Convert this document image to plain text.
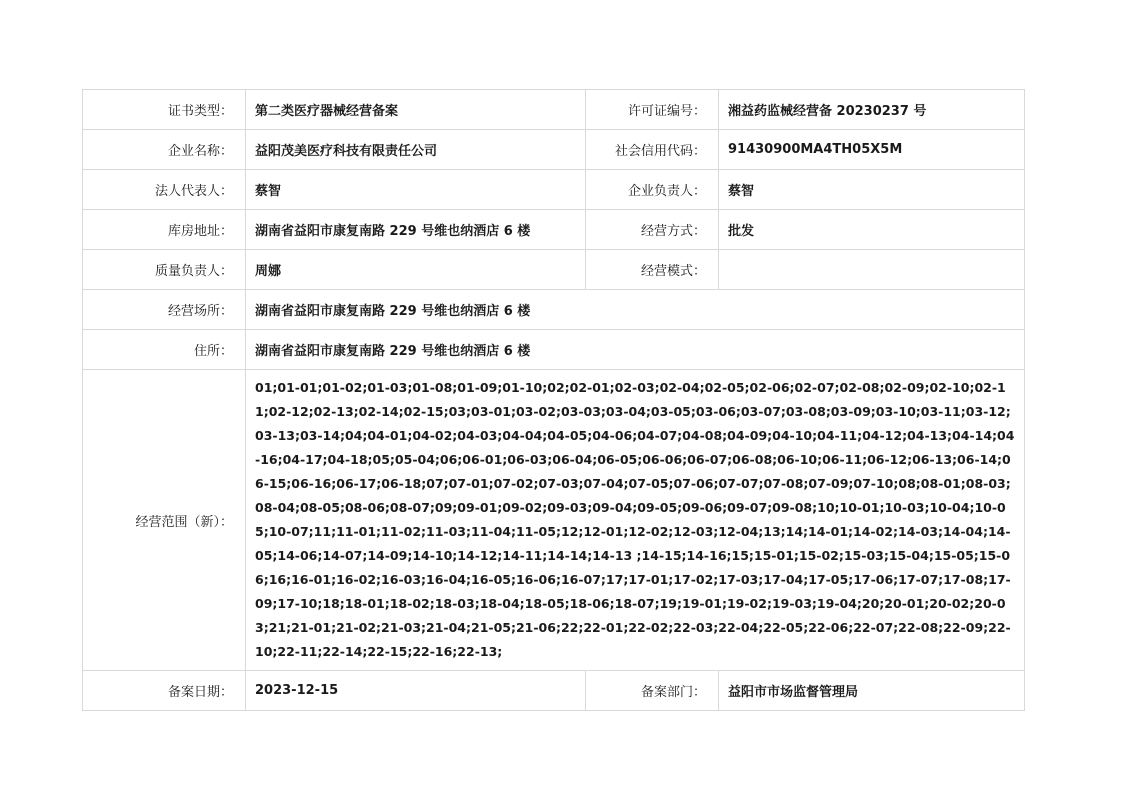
证书类型：	第二类医疗器械经营备案	许可证编号：	湘益药监械经营备 20230237 号
企业名称：	益阳茂美医疗科技有限责任公司	社会信用代码：	91430900MA4TH05X5M
法人代表人：	蔡智	企业负责人：	蔡智
库房地址：	湖南省益阳市康复南路 229 号维也纳酒店 6 楼	经营方式：	批发
质量负责人：	周娜	经营模式：	
经营场所：	湖南省益阳市康复南路 229 号维也纳酒店 6 楼		
住所：	湖南省益阳市康复南路 229 号维也纳酒店 6 楼		
经营范围（新）：	01;01-01;01-02;01-03;01-08;01-09;01-10;02;02-01;02-03;02-04;02-05;02-06;02-07;02-08;02-09;02-10;02-11;02-12;02-13;02-14;02-15;03;03-01;03-02;03-03;03-04;03-05;03-06;03-07;03-08;03-09;03-10;03-11;03-12;03-13;03-14;04;04-01;04-02;04-03;04-04;04-05;04-06;04-07;04-08;04-09;04-10;04-11;04-12;04-13;04-14;04-16;04-17;04-18;05;05-04;06;06-01;06-03;06-04;06-05;06-06;06-07;06-08;06-10;06-11;06-12;06-13;06-14;06-15;06-16;06-17;06-18;07;07-01;07-02;07-03;07-04;07-05;07-06;07-07;07-08;07-09;07-10;08;08-01;08-03;08-04;08-05;08-06;08-07;09;09-01;09-02;09-03;09-04;09-05;09-06;09-07;09-08;10;10-01;10-03;10-04;10-05;10-07;11;11-01;11-02;11-03;11-04;11-05;12;12-01;12-02;12-03;12-04;13;14;14-01;14-02;14-03;14-04;14-05;14-06;14-07;14-09;14-10;14-12;14-11;14-14;14-13 ;14-15;14-16;15;15-01;15-02;15-03;15-04;15-05;15-06;16;16-01;16-02;16-03;16-04;16-05;16-06;16-07;17;17-01;17-02;17-03;17-04;17-05;17-06;17-07;17-08;17-09;17-10;18;18-01;18-02;18-03;18-04;18-05;18-06;18-07;19;19-01;19-02;19-03;19-04;20;20-01;20-02;20-03;21;21-01;21-02;21-03;21-04;21-05;21-06;22;22-01;22-02;22-03;22-04;22-05;22-06;22-07;22-08;22-09;22-10;22-11;22-14;22-15;22-16;22-13;		
备案日期：	2023-12-15	备案部门：	益阳市市场监督管理局
